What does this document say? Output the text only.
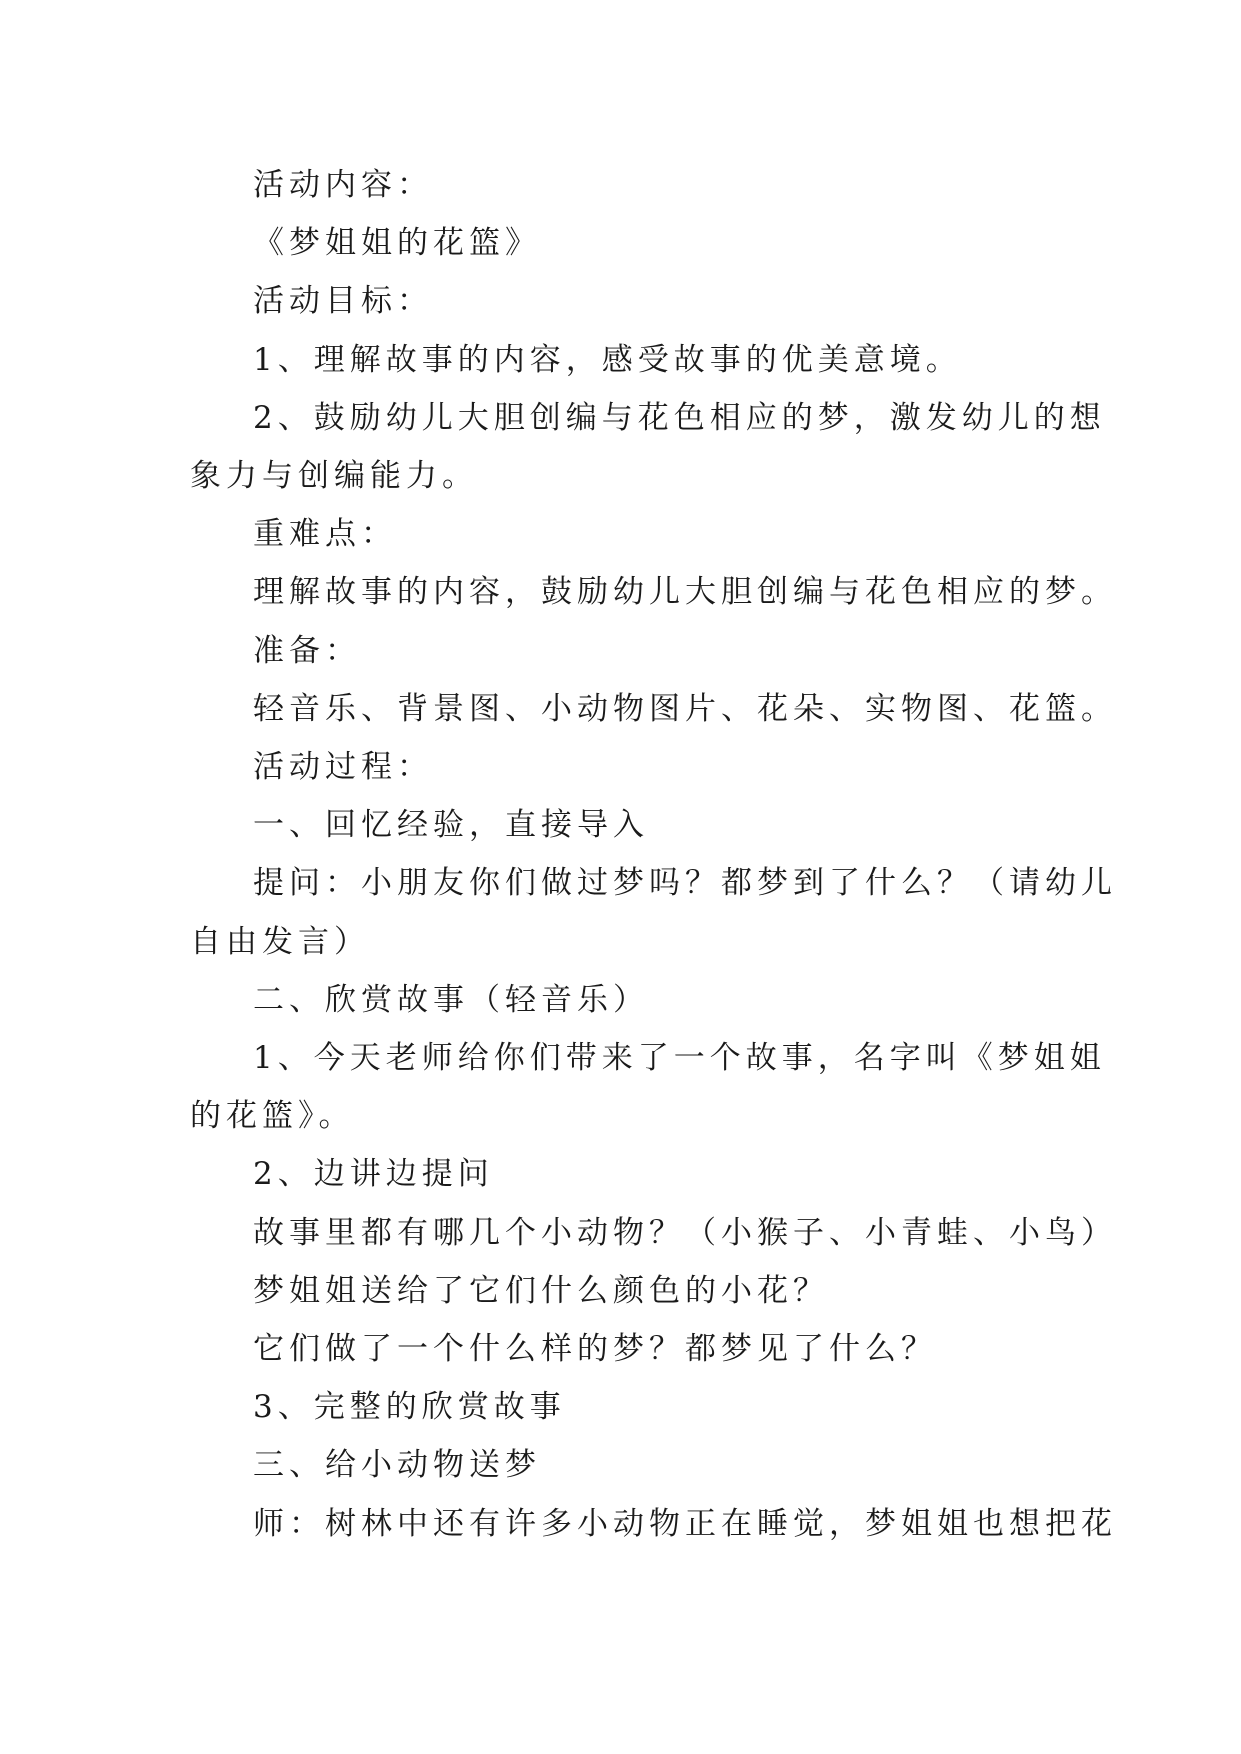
活动内容：
《梦姐姐的花篮》
活动目标：
1、理解故事的内容，感受故事的优美意境。
2、鼓励幼儿大胆创编与花色相应的梦，激发幼儿的想
象力与创编能力。
重难点：
理解故事的内容，鼓励幼儿大胆创编与花色相应的梦。
准备：
轻音乐、背景图、小动物图片、花朵、实物图、花篮。
活动过程：
一、回忆经验，直接导入
提问：小朋友你们做过梦吗？都梦到了什么？（请幼儿
自由发言）
二、欣赏故事（轻音乐）
1、今天老师给你们带来了一个故事，名字叫《梦姐姐
的花篮》。
2、边讲边提问
故事里都有哪几个小动物？（小猴子、小青蛙、小鸟）
梦姐姐送给了它们什么颜色的小花？
它们做了一个什么样的梦？都梦见了什么？
3、完整的欣赏故事
三、给小动物送梦
师：树林中还有许多小动物正在睡觉，梦姐姐也想把花
